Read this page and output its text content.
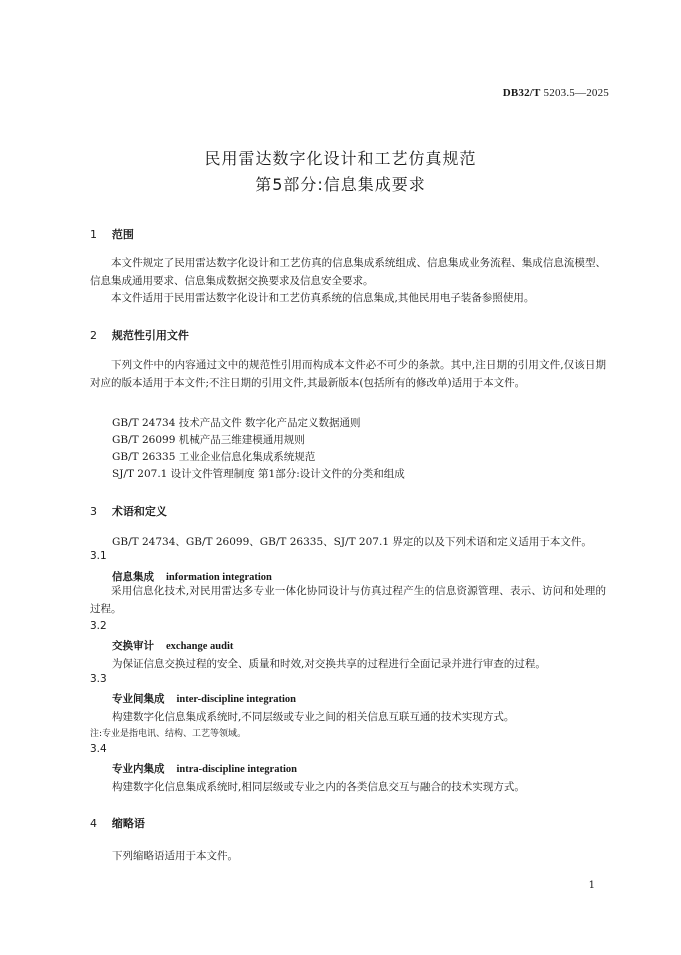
DB32/T 5203.5—2025
民用雷达数字化设计和工艺仿真规范
第5部分:信息集成要求
1 范围
本文件规定了民用雷达数字化设计和工艺仿真的信息集成系统组成、信息集成业务流程、集成信息流模型、信息集成通用要求、信息集成数据交换要求及信息安全要求。
本文件适用于民用雷达数字化设计和工艺仿真系统的信息集成,其他民用电子装备参照使用。
2 规范性引用文件
下列文件中的内容通过文中的规范性引用而构成本文件必不可少的条款。其中,注日期的引用文件,仅该日期对应的版本适用于本文件;不注日期的引用文件,其最新版本(包括所有的修改单)适用于本文件。
GB/T 24734 技术产品文件 数字化产品定义数据通则
GB/T 26099 机械产品三维建模通用规则
GB/T 26335 工业企业信息化集成系统规范
SJ/T 207.1 设计文件管理制度 第1部分:设计文件的分类和组成
3 术语和定义
GB/T 24734、GB/T 26099、GB/T 26335、SJ/T 207.1 界定的以及下列术语和定义适用于本文件。
3.1
信息集成 information integration
采用信息化技术,对民用雷达多专业一体化协同设计与仿真过程产生的信息资源管理、表示、访问和处理的过程。
3.2
交换审计 exchange audit
为保证信息交换过程的安全、质量和时效,对交换共享的过程进行全面记录并进行审查的过程。
3.3
专业间集成 inter-discipline integration
构建数字化信息集成系统时,不同层级或专业之间的相关信息互联互通的技术实现方式。
注:专业是指电讯、结构、工艺等领域。
3.4
专业内集成 intra-discipline integration
构建数字化信息集成系统时,相同层级或专业之内的各类信息交互与融合的技术实现方式。
4 缩略语
下列缩略语适用于本文件。
1
